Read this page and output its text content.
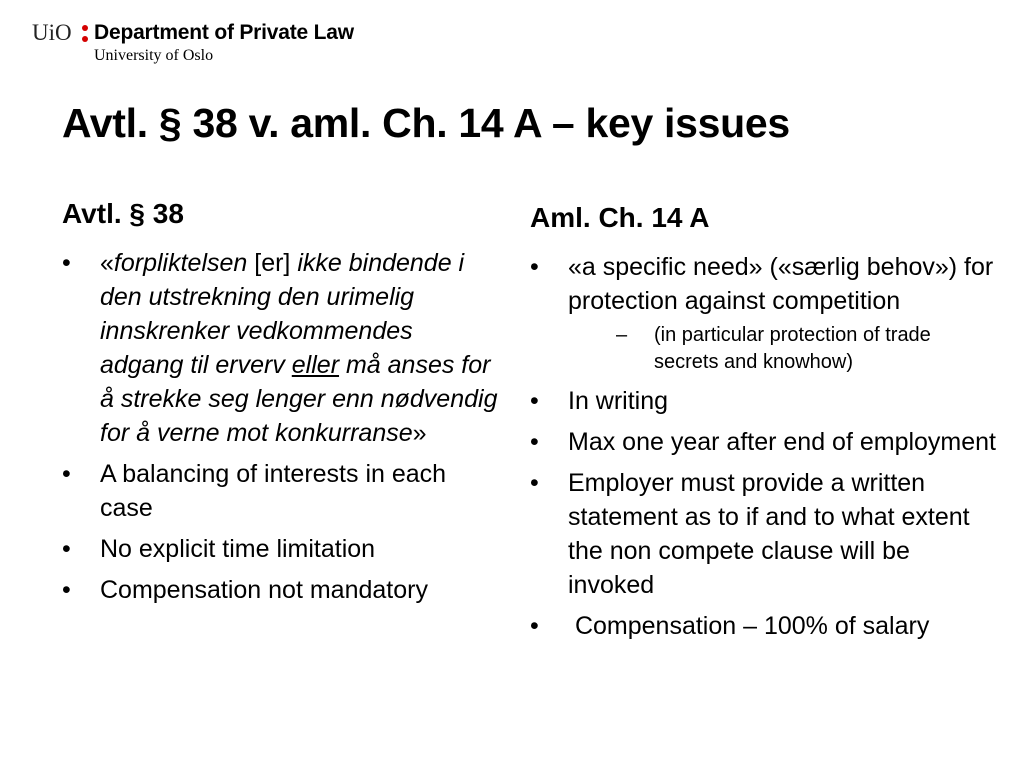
UiO Department of Private Law
University of Oslo
Avtl. § 38 v. aml. Ch. 14 A – key issues
Avtl. § 38
• «forpliktelsen [er] ikke bindende i den utstrekning den urimelig innskrenker vedkommendes adgang til erverv eller må anses for å strekke seg lenger enn nødvendig for å verne mot konkurranse»
• A balancing of interests in each case
• No explicit time limitation
• Compensation not mandatory
Aml. Ch. 14 A
• «a specific need» («særlig behov») for protection against competition
– (in particular protection of trade secrets and knowhow)
• In writing
• Max one year after end of employment
• Employer must provide a written statement as to if and to what extent the non compete clause will be invoked
•  Compensation – 100% of salary
